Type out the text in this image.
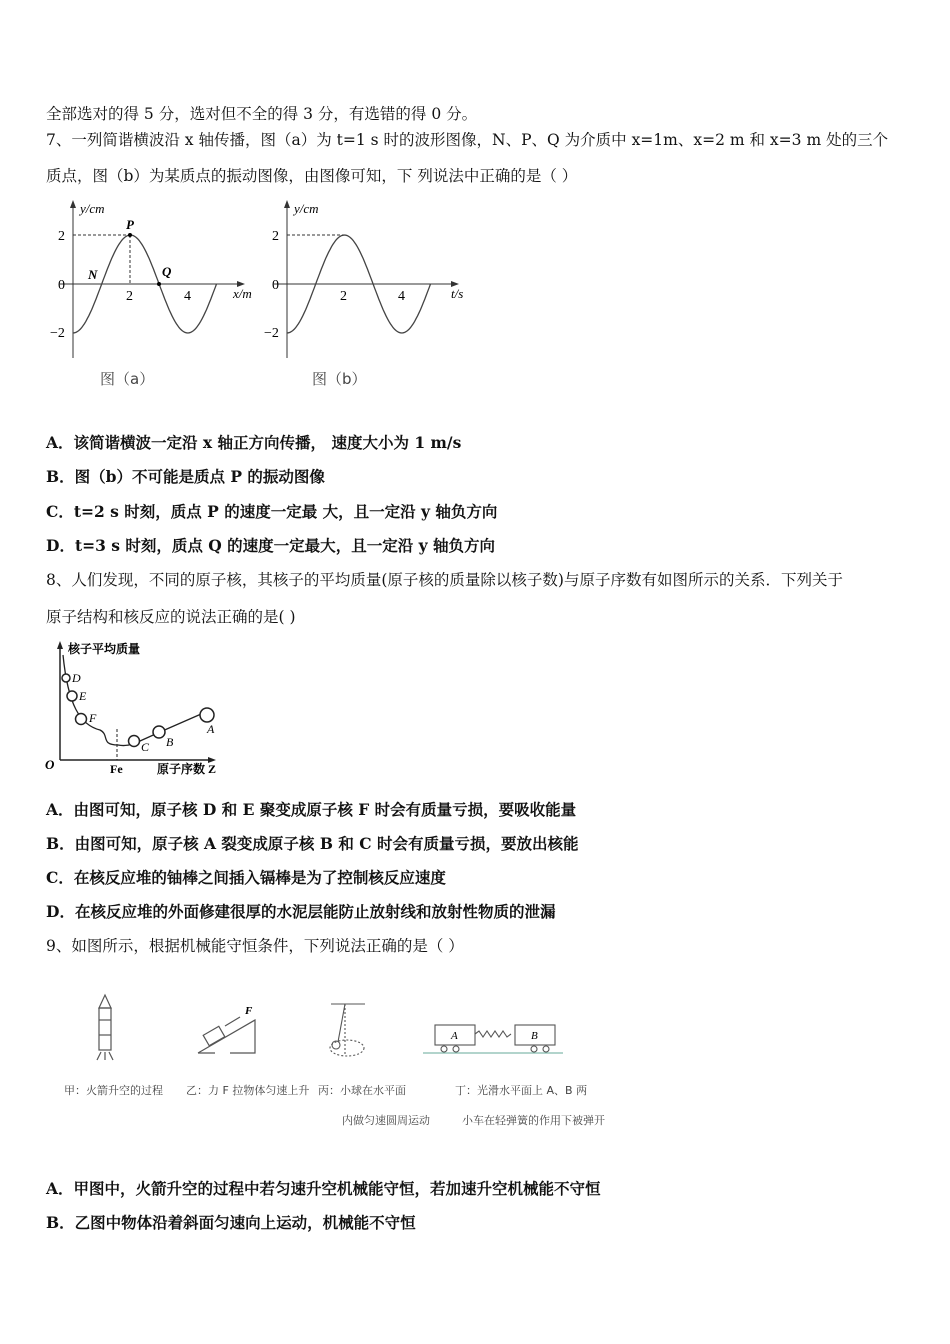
全部选对的得 5 分，选对但不全的得 3 分，有选错的得 0 分。
7、一列简谐横波沿 x 轴传播，图（a）为 t=1 s 时的波形图像，N、P、Q 为介质中 x=1m、x=2 m 和 x=3 m 处的三个
质点，图（b）为某质点的振动图像，由图像可知，下 列说法中正确的是（ ）
y/cm
x/m
2
0
−2
2	4
N
P
Q
y/cm
t/s
2
0
−2
2	4
图（a）	图（b）
A．该简谐横波一定沿 x 轴正方向传播， 速度大小为 1 m/s
B．图（b）不可能是质点 P 的振动图像
C．t=2 s 时刻，质点 P 的速度一定最 大，且一定沿 y 轴负方向
D．t=3 s 时刻，质点 Q 的速度一定最大，且一定沿 y 轴负方向
8、人们发现，不同的原子核，其核子的平均质量(原子核的质量除以核子数)与原子序数有如图所示的关系．下列关于
原子结构和核反应的说法正确的是( )
核子平均质量
O	Fe	原子序数 Z
D
E
F
C B
A
A．由图可知，原子核 D 和 E 聚变成原子核 F 时会有质量亏损，要吸收能量
B．由图可知，原子核 A 裂变成原子核 B 和 C 时会有质量亏损，要放出核能
C．在核反应堆的铀棒之间插入镉棒是为了控制核反应速度
D．在核反应堆的外面修建很厚的水泥层能防止放射线和放射性物质的泄漏
9、如图所示，根据机械能守恒条件，下列说法正确的是（ ）
F
A	B
甲：火箭升空的过程 乙：力 F 拉物体匀速上升 丙：小球在水平面
内做匀速圆周运动
丁：光滑水平面上 A、B 两
小车在轻弹簧的作用下被弹开
A．甲图中，火箭升空的过程中若匀速升空机械能守恒，若加速升空机械能不守恒
B．乙图中物体沿着斜面匀速向上运动，机械能不守恒
